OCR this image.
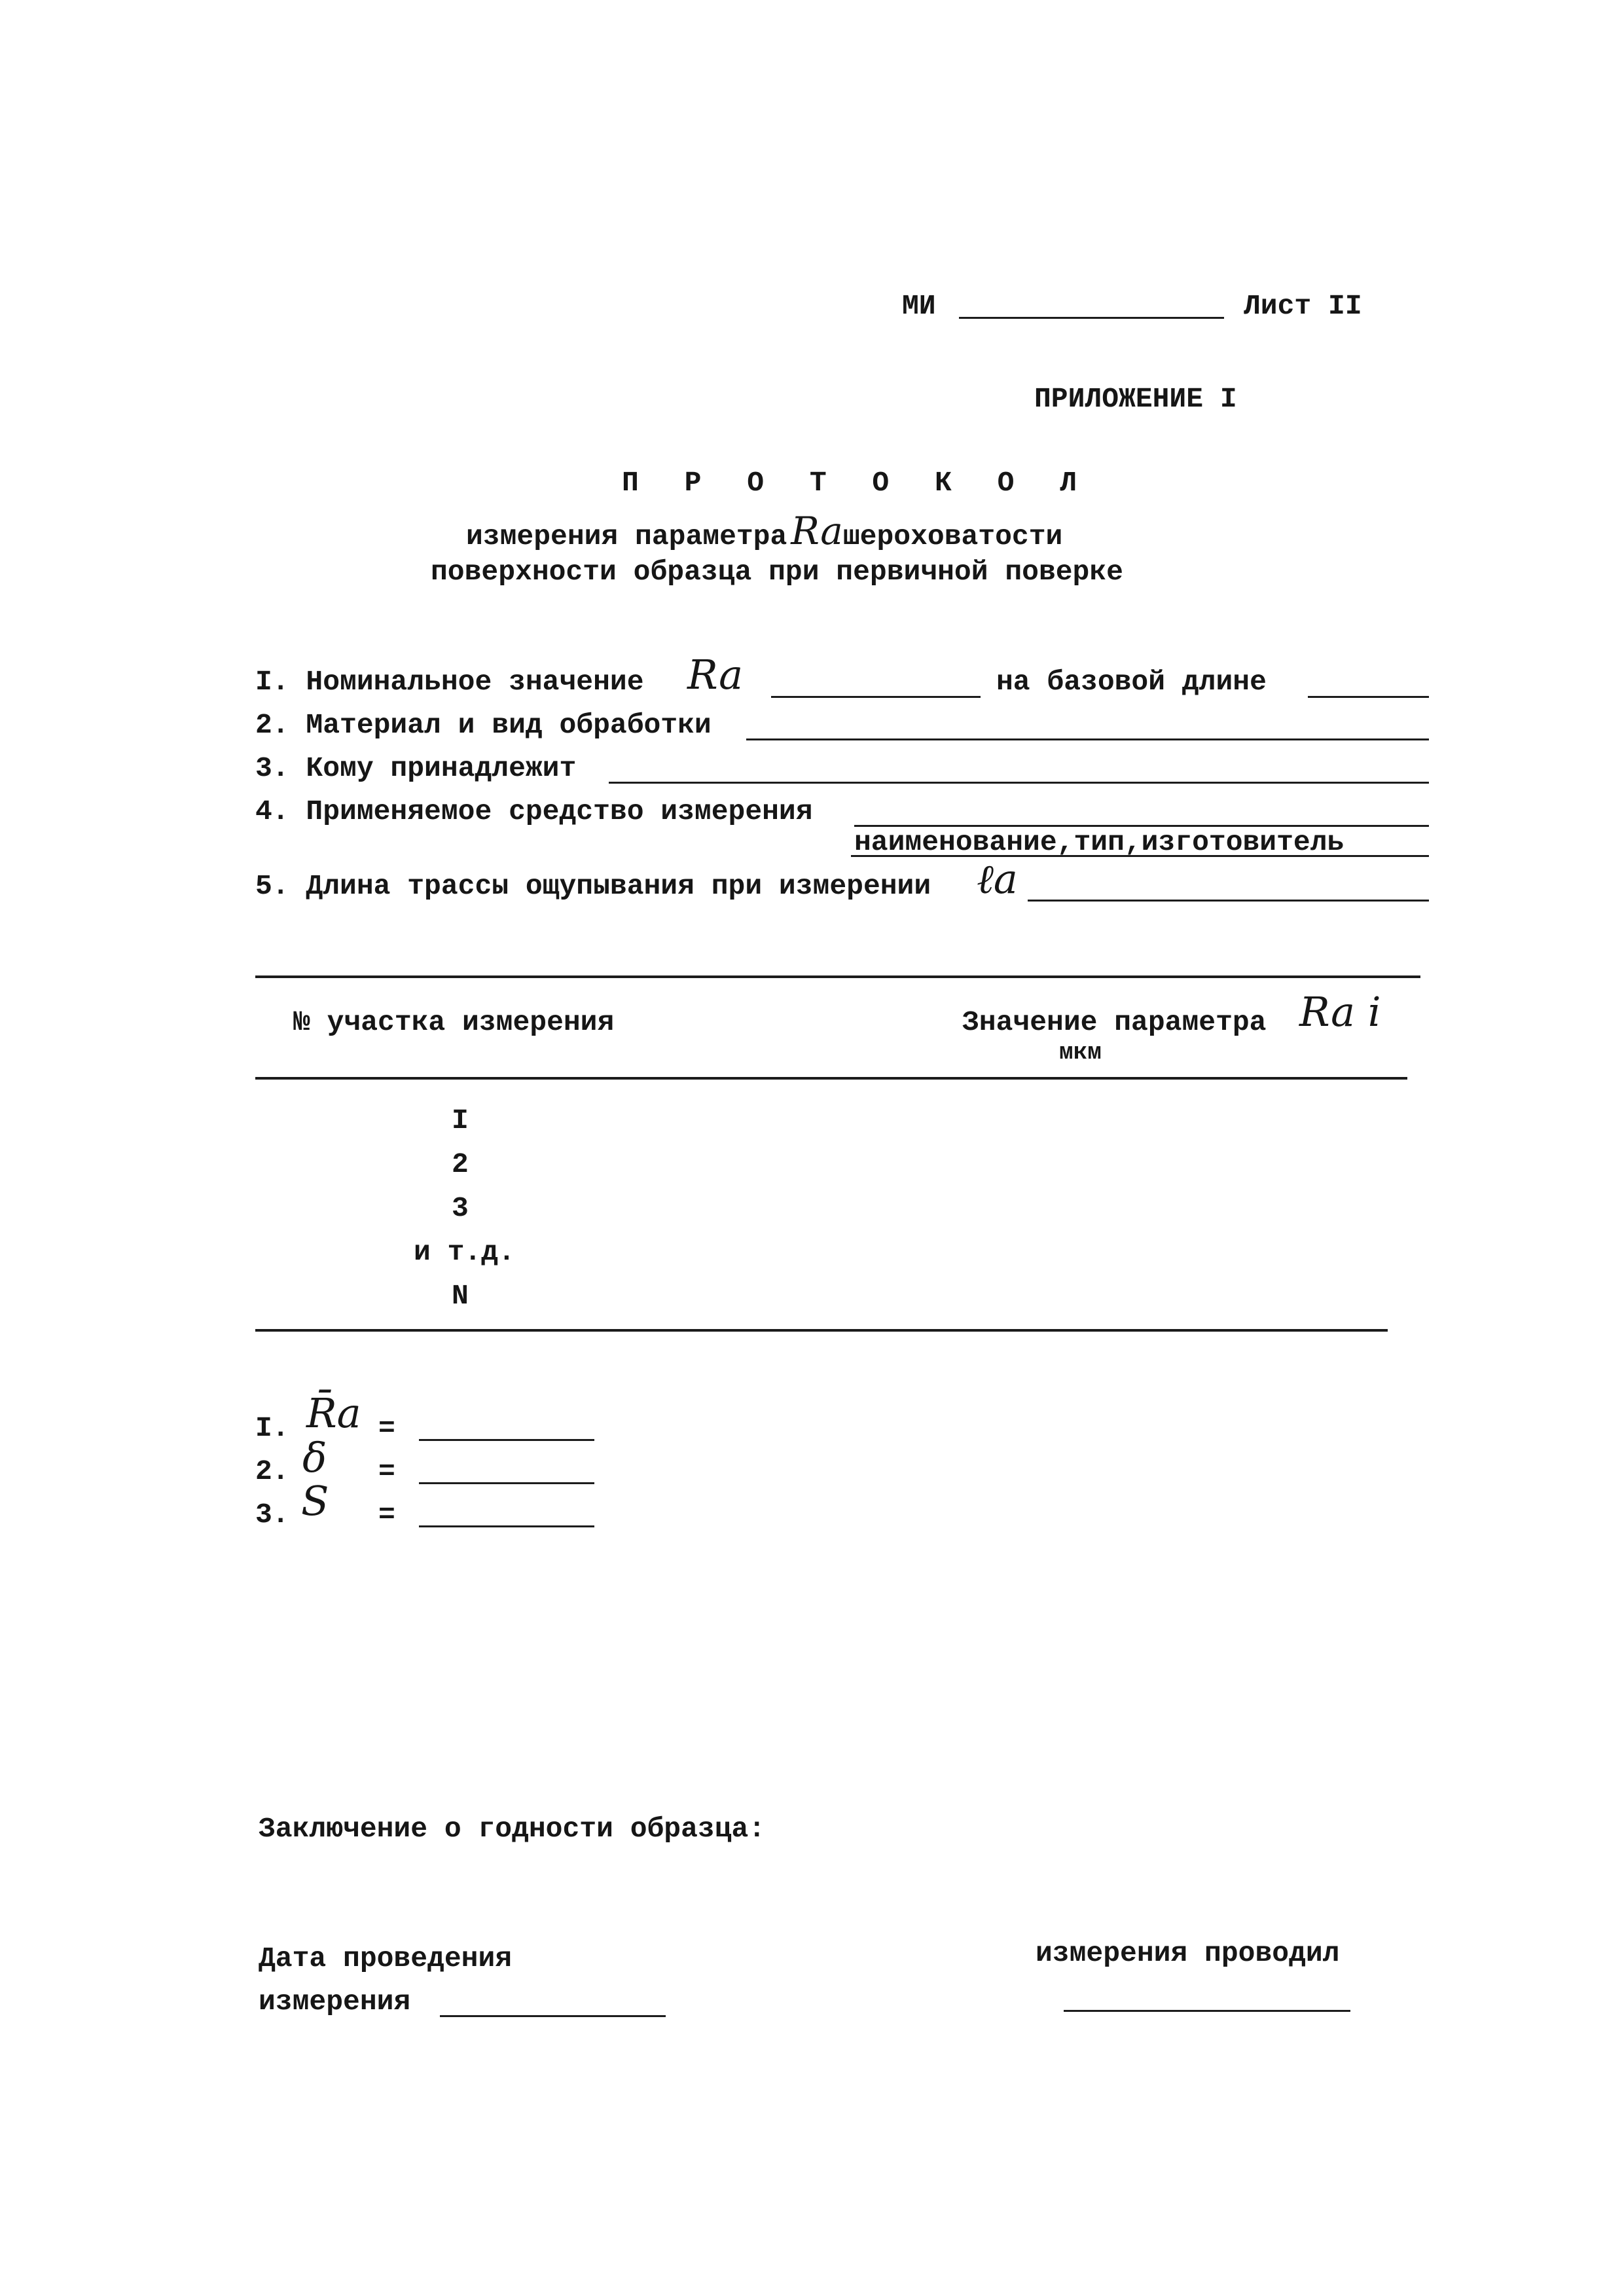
МИ	Лист II
ПРИЛОЖЕНИЕ I
П Р О Т О К О Л
измерения параметра Raшероховатости
поверхности образца при первичной поверке
I. Номинальное значение Ra	на базовой длине
2. Материал и вид обработки
3. Кому принадлежит
4. Применяемое средство измерения
наименование,тип,изготовитель
5. Длина трассы ощупывания при измерении ℓa
№ участка измерения	Значение параметра Ra i
мкм
I
2
3
и т.д.
N
I. R̄a =
2. δ =
3. S =
Заключение о годности образца:
Дата проведения
измерения
измерения проводил
